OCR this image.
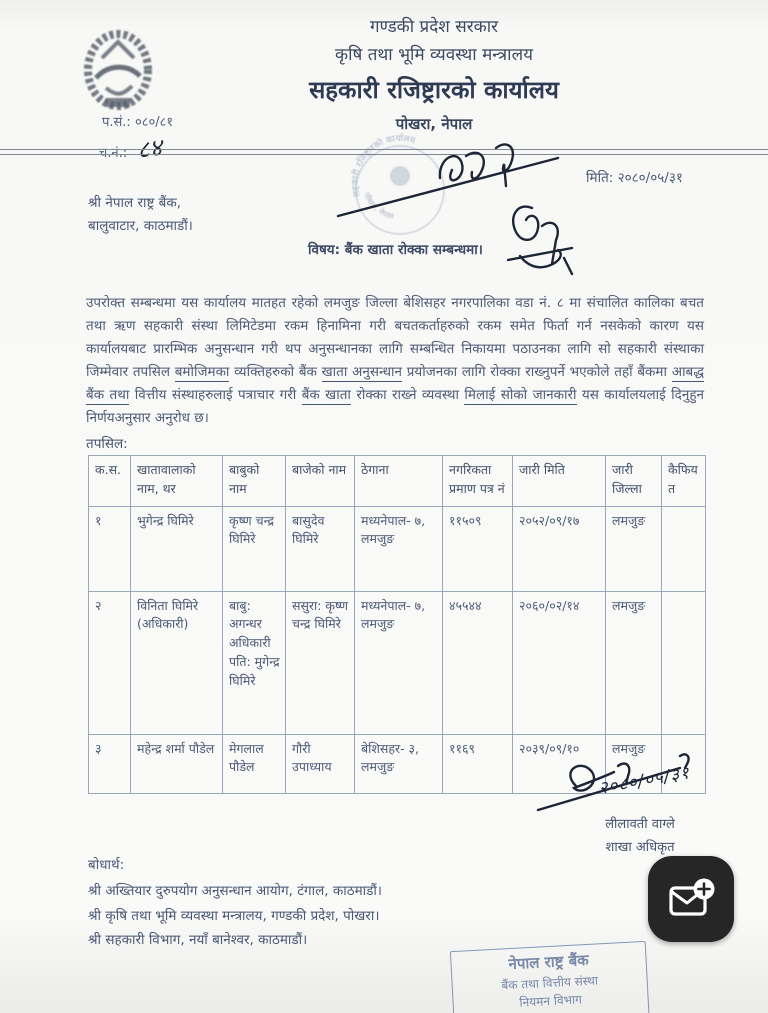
गण्डकी प्रदेश सरकार
कृषि तथा भूमि व्यवस्था मन्त्रालय
सहकारी रजिष्ट्रारको कार्यालय
पोखरा, नेपाल
प.सं.: ०८०/८१
च.नं.: ८४
मिति: २०८०/०५/३१
श्री नेपाल राष्ट्र बैंक,
बालुवाटार, काठमाडौं।
सहकारी रजिष्ट्रारको कार्यालय
पोखरा, नेपाल
विषय: बैंक खाता रोक्का सम्बन्धमा।
उपरोक्त सम्बन्धमा यस कार्यालय मातहत रहेको लमजुङ जिल्ला बेशिसहर नगरपालिका वडा नं. ८ मा संचालित कालिका बचत तथा ऋण सहकारी संस्था लिमिटेडमा रकम हिनामिना गरी बचतकर्ताहरुको रकम समेत फिर्ता गर्न नसकेको कारण यस कार्यालयबाट प्रारम्भिक अनुसन्धान गरी थप अनुसन्धानका लागि सम्बन्धित निकायमा पठाउनका लागि सो सहकारी संस्थाका जिम्मेवार तपसिल बमोजिमका व्यक्तिहरुको बैंक खाता अनुसन्धान प्रयोजनका लागि रोक्का राख्नुपर्ने भएकोले तहाँ बैंकमा आबद्ध बैंक तथा वित्तीय संस्थाहरुलाई पत्राचार गरी बैंक खाता रोक्का राख्ने व्यवस्था मिलाई सोको जानकारी यस कार्यालयलाई दिनुहुन निर्णयअनुसार अनुरोध छ।
तपसिल:
क.स.	खातावालाको नाम, थर	बाबुको नाम	बाजेको नाम	ठेगाना	नगरिकता प्रमाण पत्र नं	जारी मिति	जारी जिल्ला	कैफियत
१	भुगेन्द्र घिमिरे	कृष्ण चन्द्र घिमिरे	बासुदेव घिमिरे	मध्यनेपाल- ७, लमजुङ	११५०९	२०५२/०९/१७	लमजुङ	
२	विनिता घिमिरे (अधिकारी)	बाबु: अगन्धर अधिकारी पति: मुगेन्द्र घिमिरे	ससुरा: कृष्ण चन्द्र घिमिरे	मध्यनेपाल- ७, लमजुङ	४५५४४	२०६०/०२/१४	लमजुङ	
३	महेन्द्र शर्मा पौडेल	मेगलाल पौडेल	गौरी उपाध्याय	बेशिसहर- ३, लमजुङ	११६९	२०३९/०९/१०	लमजुङ	
२०८०/०५/३१
लीलावती वाग्ले
शाखा अधिकृत
बोधार्थ:
श्री अख्तियार दुरुपयोग अनुसन्धान आयोग, टंगाल, काठमाडौं।
श्री कृषि तथा भूमि व्यवस्था मन्त्रालय, गण्डकी प्रदेश, पोखरा।
श्री सहकारी विभाग, नयाँ बानेश्वर, काठमाडौं।
नेपाल राष्ट्र बैंक
बैंक तथा वित्तीय संस्था
नियमन विभाग
